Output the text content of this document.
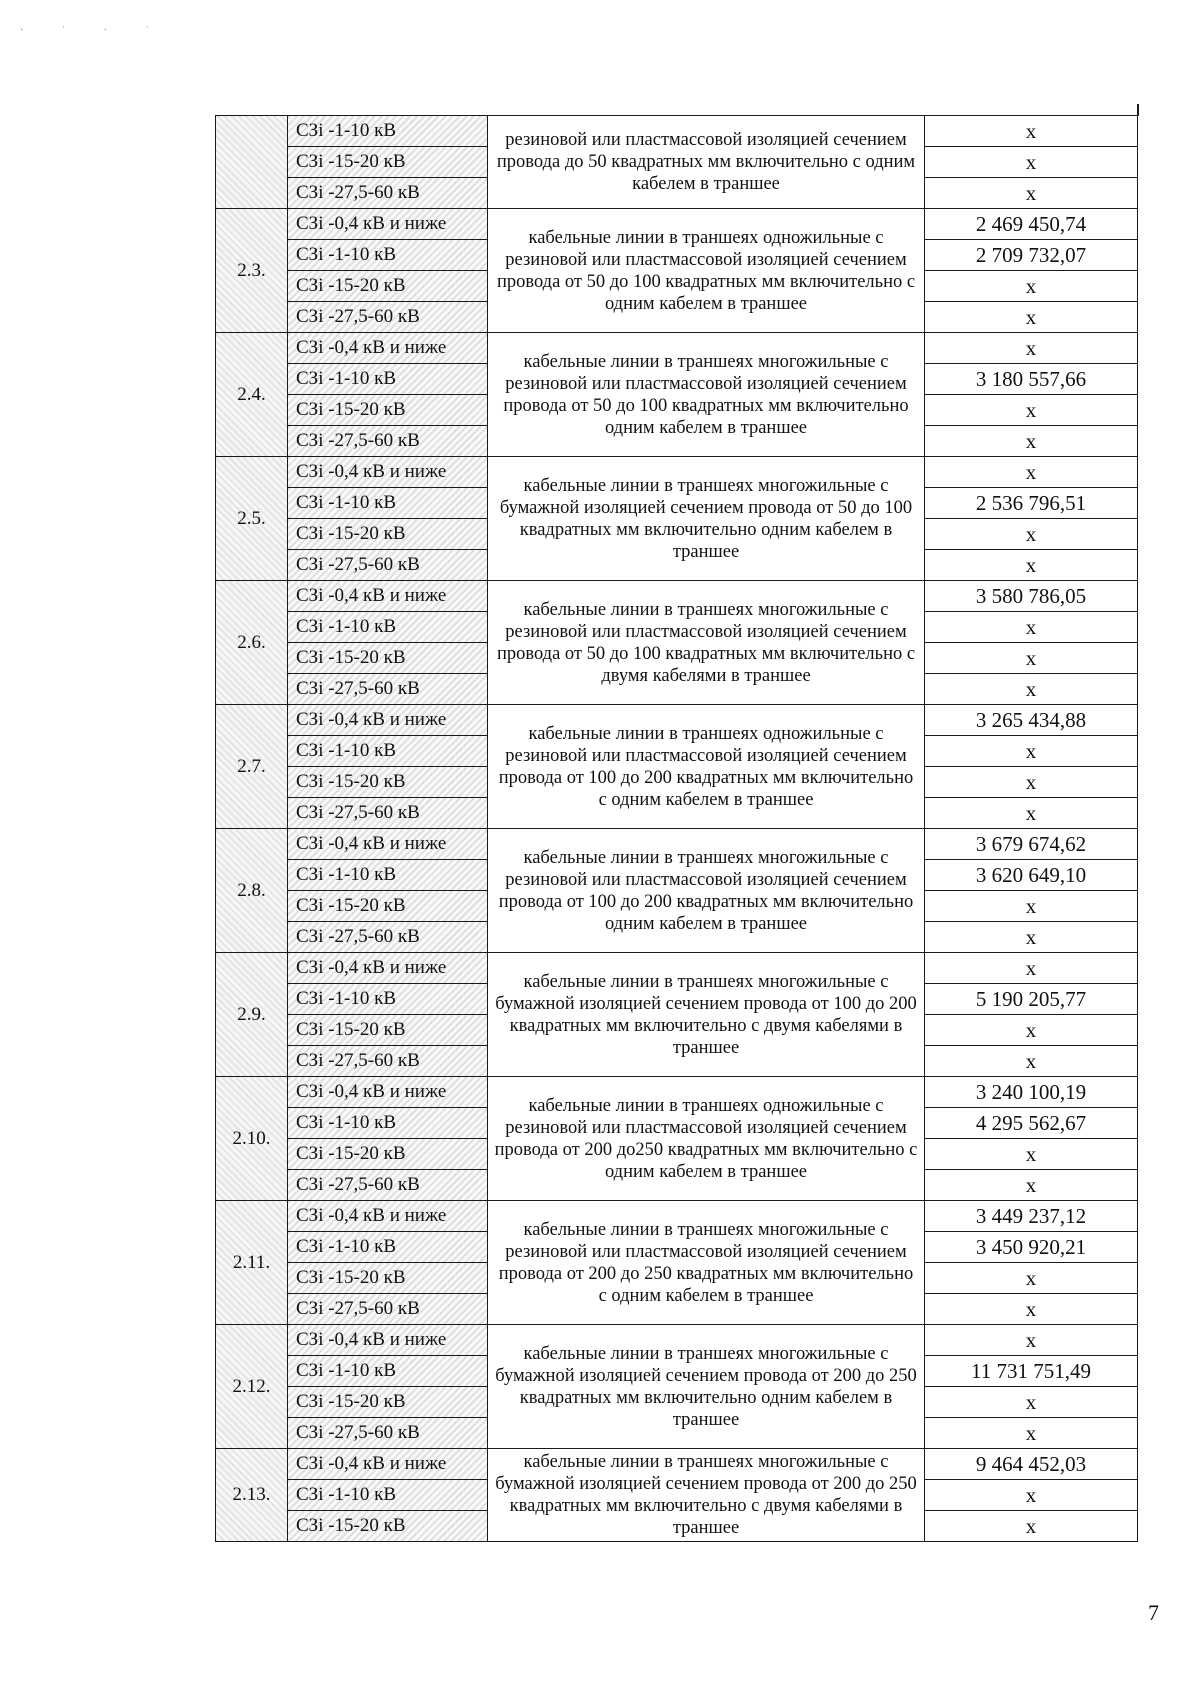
· ˈ · ˈ
	СЗi -1-10 кВ	резиновой или пластмассовой изоляцией сечением провода до 50 квадратных мм включительно с одним кабелем в траншее	x
	СЗi -15-20 кВ		x
	СЗi -27,5-60 кВ		x
2.3.	СЗi -0,4 кВ и ниже	кабельные линии в траншеях одножильные с резиновой или пластмассовой изоляцией сечением провода от 50 до 100 квадратных мм включительно с одним кабелем в траншее	2 469 450,74
	СЗi -1-10 кВ		2 709 732,07
	СЗi -15-20 кВ		x
	СЗi -27,5-60 кВ		x
2.4.	СЗi -0,4 кВ и ниже	кабельные линии в траншеях многожильные с резиновой или пластмассовой изоляцией сечением провода от 50 до 100 квадратных мм включительно одним кабелем в траншее	x
	СЗi -1-10 кВ		3 180 557,66
	СЗi -15-20 кВ		x
	СЗi -27,5-60 кВ		x
2.5.	СЗi -0,4 кВ и ниже	кабельные линии в траншеях многожильные с бумажной изоляцией сечением провода от 50 до 100 квадратных мм включительно одним кабелем в траншее	x
	СЗi -1-10 кВ		2 536 796,51
	СЗi -15-20 кВ		x
	СЗi -27,5-60 кВ		x
2.6.	СЗi -0,4 кВ и ниже	кабельные линии в траншеях многожильные с резиновой или пластмассовой изоляцией сечением провода от 50 до 100 квадратных мм включительно с двумя кабелями в траншее	3 580 786,05
	СЗi -1-10 кВ		x
	СЗi -15-20 кВ		x
	СЗi -27,5-60 кВ		x
2.7.	СЗi -0,4 кВ и ниже	кабельные линии в траншеях одножильные с резиновой или пластмассовой изоляцией сечением провода от 100 до 200 квадратных мм включительно с одним кабелем в траншее	3 265 434,88
	СЗi -1-10 кВ		x
	СЗi -15-20 кВ		x
	СЗi -27,5-60 кВ		x
2.8.	СЗi -0,4 кВ и ниже	кабельные линии в траншеях многожильные с резиновой или пластмассовой изоляцией сечением провода от 100 до 200 квадратных мм включительно одним кабелем в траншее	3 679 674,62
	СЗi -1-10 кВ		3 620 649,10
	СЗi -15-20 кВ		x
	СЗi -27,5-60 кВ		x
2.9.	СЗi -0,4 кВ и ниже	кабельные линии в траншеях многожильные с бумажной изоляцией сечением провода от 100 до 200 квадратных мм включительно с двумя кабелями в траншее	x
	СЗi -1-10 кВ		5 190 205,77
	СЗi -15-20 кВ		x
	СЗi -27,5-60 кВ		x
2.10.	СЗi -0,4 кВ и ниже	кабельные линии в траншеях одножильные с резиновой или пластмассовой изоляцией сечением провода от 200 до250 квадратных мм включительно с одним кабелем в траншее	3 240 100,19
	СЗi -1-10 кВ		4 295 562,67
	СЗi -15-20 кВ		x
	СЗi -27,5-60 кВ		x
2.11.	СЗi -0,4 кВ и ниже	кабельные линии в траншеях многожильные с резиновой или пластмассовой изоляцией сечением провода от 200 до 250 квадратных мм включительно с одним кабелем в траншее	3 449 237,12
	СЗi -1-10 кВ		3 450 920,21
	СЗi -15-20 кВ		x
	СЗi -27,5-60 кВ		x
2.12.	СЗi -0,4 кВ и ниже	кабельные линии в траншеях многожильные с бумажной изоляцией сечением провода от 200 до 250 квадратных мм включительно одним кабелем в траншее	x
	СЗi -1-10 кВ		11 731 751,49
	СЗi -15-20 кВ		x
	СЗi -27,5-60 кВ		x
2.13.	СЗi -0,4 кВ и ниже	кабельные линии в траншеях многожильные с бумажной изоляцией сечением провода от 200 до 250 квадратных мм включительно с двумя кабелями в траншее	9 464 452,03
	СЗi -1-10 кВ		x
	СЗi -15-20 кВ		x
7
